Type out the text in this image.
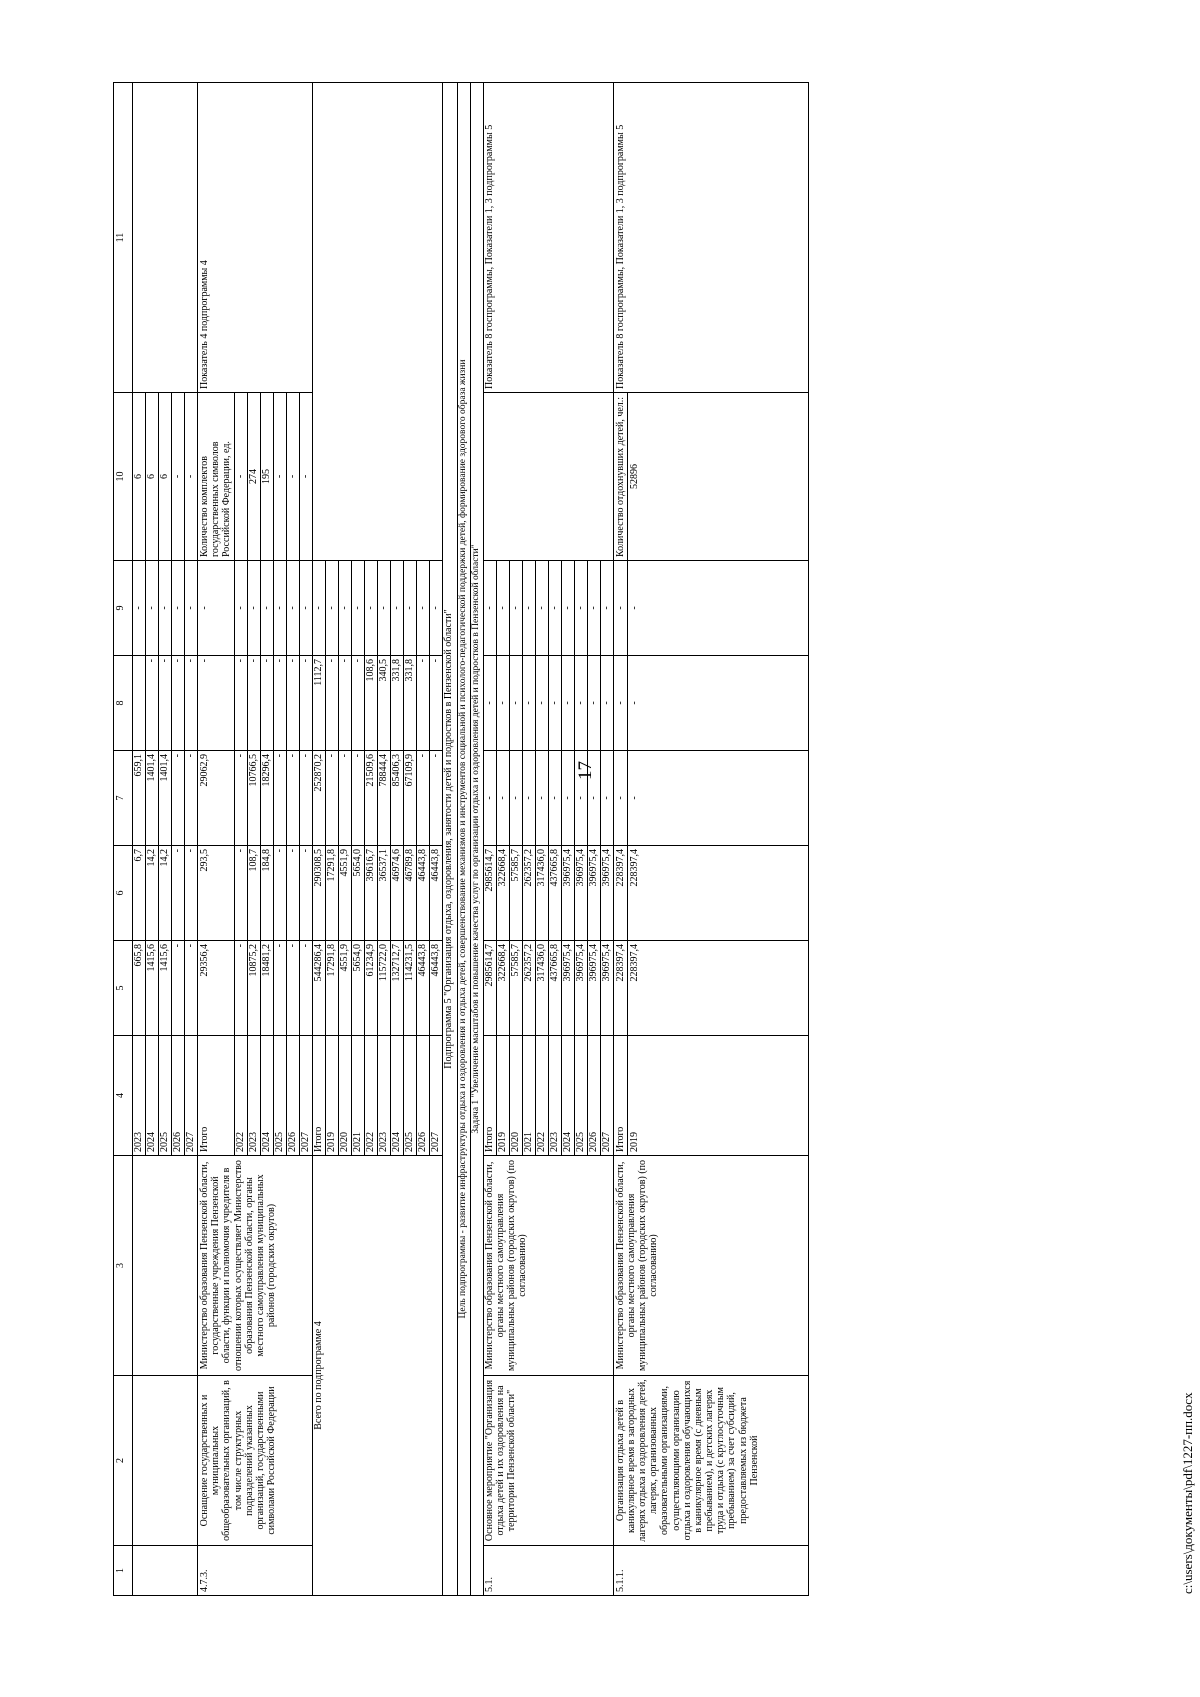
17
1	2	3	4	5	6	7	8	9	10	11
			2023	665,8	6,7	659,1		-	6	
			2024	1415,6	14,2	1401,4	-	-	6	
			2025	1415,6	14,2	1401,4	-	-	6	
			2026	-	-	-	-	-	-	
			2027	-	-	-	-	-	-	
4.7.3.	Оснащение государственных и муниципальных общеобразовательных организаций, в том числе структурных подразделений указанных организаций, государственными символами Российской Федерации	Министерство образования Пензенской области, государственные учреждения Пензенской области, функции и полномочия учредителя в отношении которых осуществляет Министерство образования Пензенской области, органы местного самоуправления муниципальных районов (городских округов)	Итого	29356,4	293,5	29062,9	-	-	Количество комплектов государственных символов Российской Федерации, ед.	Показатель 4 подпрограммы 4
			2022	-	-	-	-	-	-	
			2023	10875,2	108,7	10766,5	-	-	274	
			2024	18481,2	184,8	18296,4	-	-	195	
			2025	-	-	-	-	-	-	
			2026	-	-	-	-	-	-	
			2027	-	-	-	-	-	-	
Всего по подпрограмме 4			Итого	544286,4	290308,5	252870,2	1112,7	-		
			2019	17291,8	17291,8	-	-	-		
			2020	4551,9	4551,9	-	-	-		
			2021	5654,0	5654,0	-	-	-		
			2022	61234,9	39616,7	21509,6	108,6	-		
			2023	115722,0	36537,1	78844,4	340,5	-		
			2024	132712,7	46974,6	85406,3	331,8	-		
			2025	114231,5	46789,8	67109,9	331,8	-		
			2026	46443,8	46443,8	-	-	-		
			2027	46443,8	46443,8	-	-	-		
Подпрограмма 5 "Организация отдыха, оздоровления, занятости детей и подростков в Пензенской области"										
Цель подпрограммы - развитие инфраструктуры отдыха и оздоровления и отдыха детей, совершенствование механизмов и инструментов социальной и психолого-педагогической поддержки детей, формирование здорового образа жизни										
Задача 1 "Увеличение масштабов и повышение качества услуг по организации отдыха и оздоровления детей и подростков в Пензенской области"										
5.1.	Основное мероприятие "Организация отдыха детей и их оздоровления на территории Пензенской области"	Министерство образования Пензенской области, органы местного самоуправления муниципальных районов (городских округов) (по согласованию)	Итого	2985614,7	2985614,7	-	-	-		Показатель 8 госпрограммы, Показатели 1, 3 подпрограммы 5
			2019	322668,4	322668,4	-	-	-		
			2020	57585,7	57585,7	-	-	-		
			2021	262357,2	262357,2	-	-	-		
			2022	317436,0	317436,0	-	-	-		
			2023	437665,8	437665,8	-	-	-		
			2024	396975,4	396975,4	-	-	-		
			2025	396975,4	396975,4	-	-	-		
			2026	396975,4	396975,4	-	-	-		
			2027	396975,4	396975,4	-	-	-		
5.1.1.	Организация отдыха детей в каникулярное время в загородных лагерях отдыха и оздоровления детей, лагерях, организованных образовательными организациями, осуществляющими организацию отдыха и оздоровления обучающихся в каникулярное время (с дневным пребыванием), и детских лагерях труда и отдыха (с круглосуточным пребыванием) за счет субсидий, предоставляемых из бюджета Пензенской	Министерство образования Пензенской области, органы местного самоуправления муниципальных районов (городских округов) (по согласованию)	Итого	228397,4	228397,4	-	-	-	Количество отдохнувших детей, чел.:	Показатель 8 госпрограммы, Показатели 1, 3 подпрограммы 5
			2019	228397,4	228397,4	-	-	-	52896	
c:\users\документы\pdf\1227-пп.docx
